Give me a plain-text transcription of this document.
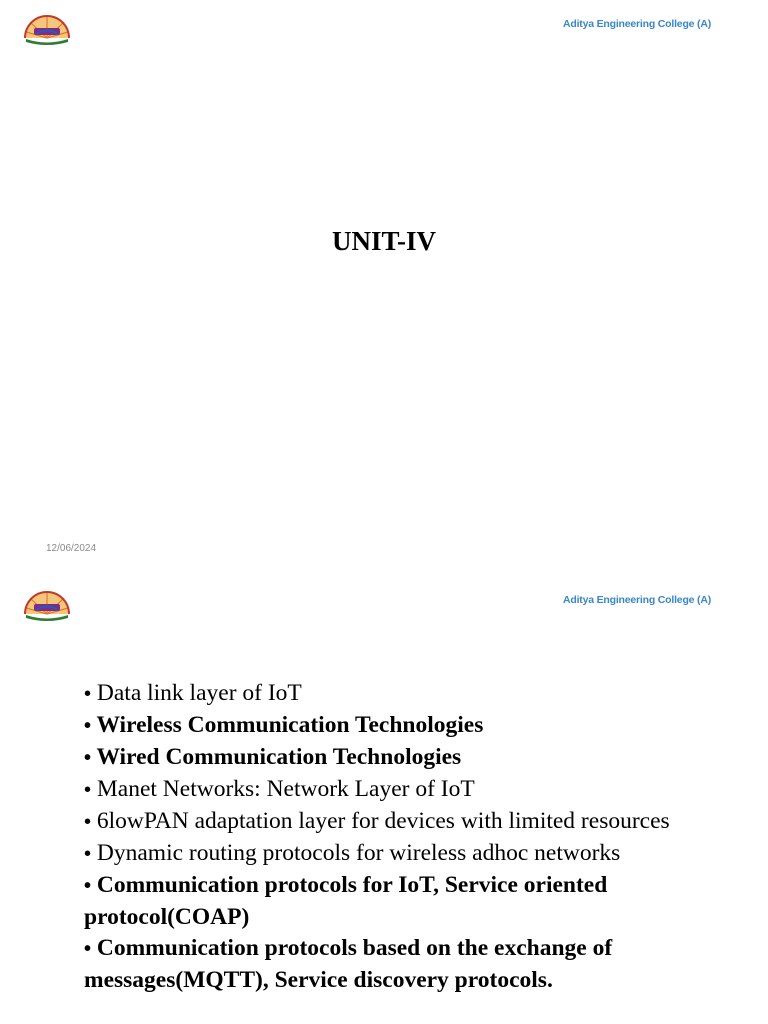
Aditya Engineering College (A)
UNIT-IV
12/06/2024
Aditya Engineering College (A)
• Data link layer of IoT
• Wireless Communication Technologies
• Wired Communication Technologies
• Manet Networks: Network Layer of IoT
• 6lowPAN adaptation layer for devices with limited resources
• Dynamic routing protocols for wireless adhoc networks
• Communication protocols for IoT, Service oriented protocol(COAP)
• Communication protocols based on the exchange of messages(MQTT), Service discovery protocols.
